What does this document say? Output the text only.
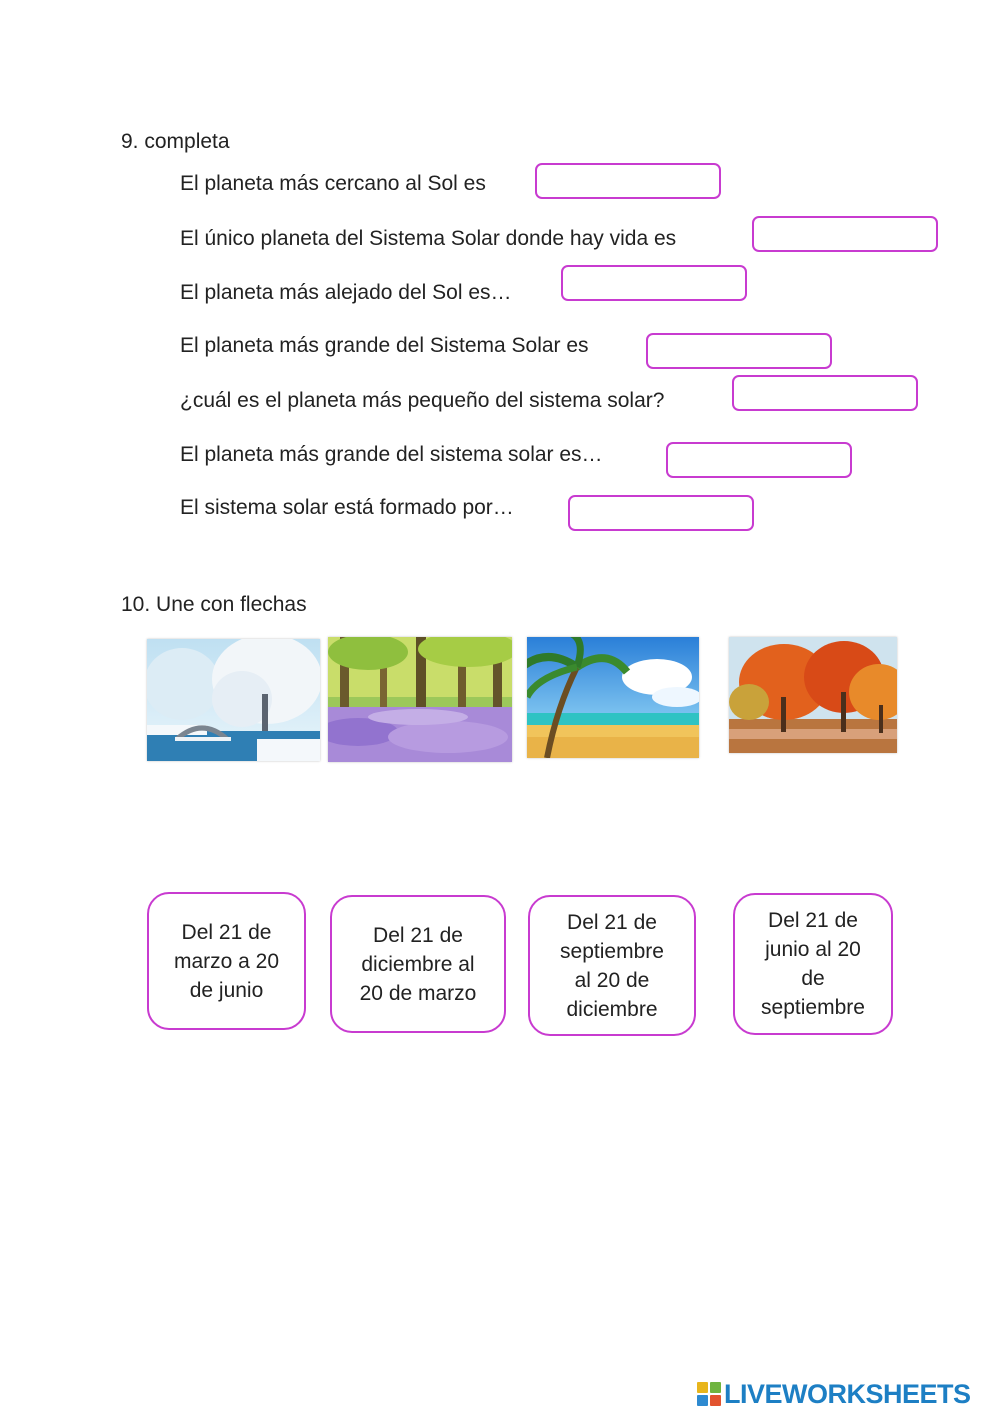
9. completa
El planeta más cercano al Sol es
El único planeta del Sistema Solar donde hay vida es
El planeta más alejado del Sol es…
El planeta más grande del Sistema Solar es
¿cuál es el planeta más pequeño del sistema solar?
El planeta más grande del sistema solar es…
El sistema solar está formado por…
10. Une con flechas
Del 21 de
marzo a 20
de junio
Del 21 de
diciembre al
20 de marzo
Del 21 de
septiembre
al 20 de
diciembre
Del 21 de
junio al 20
de
septiembre
LIVEWORKSHEETS
